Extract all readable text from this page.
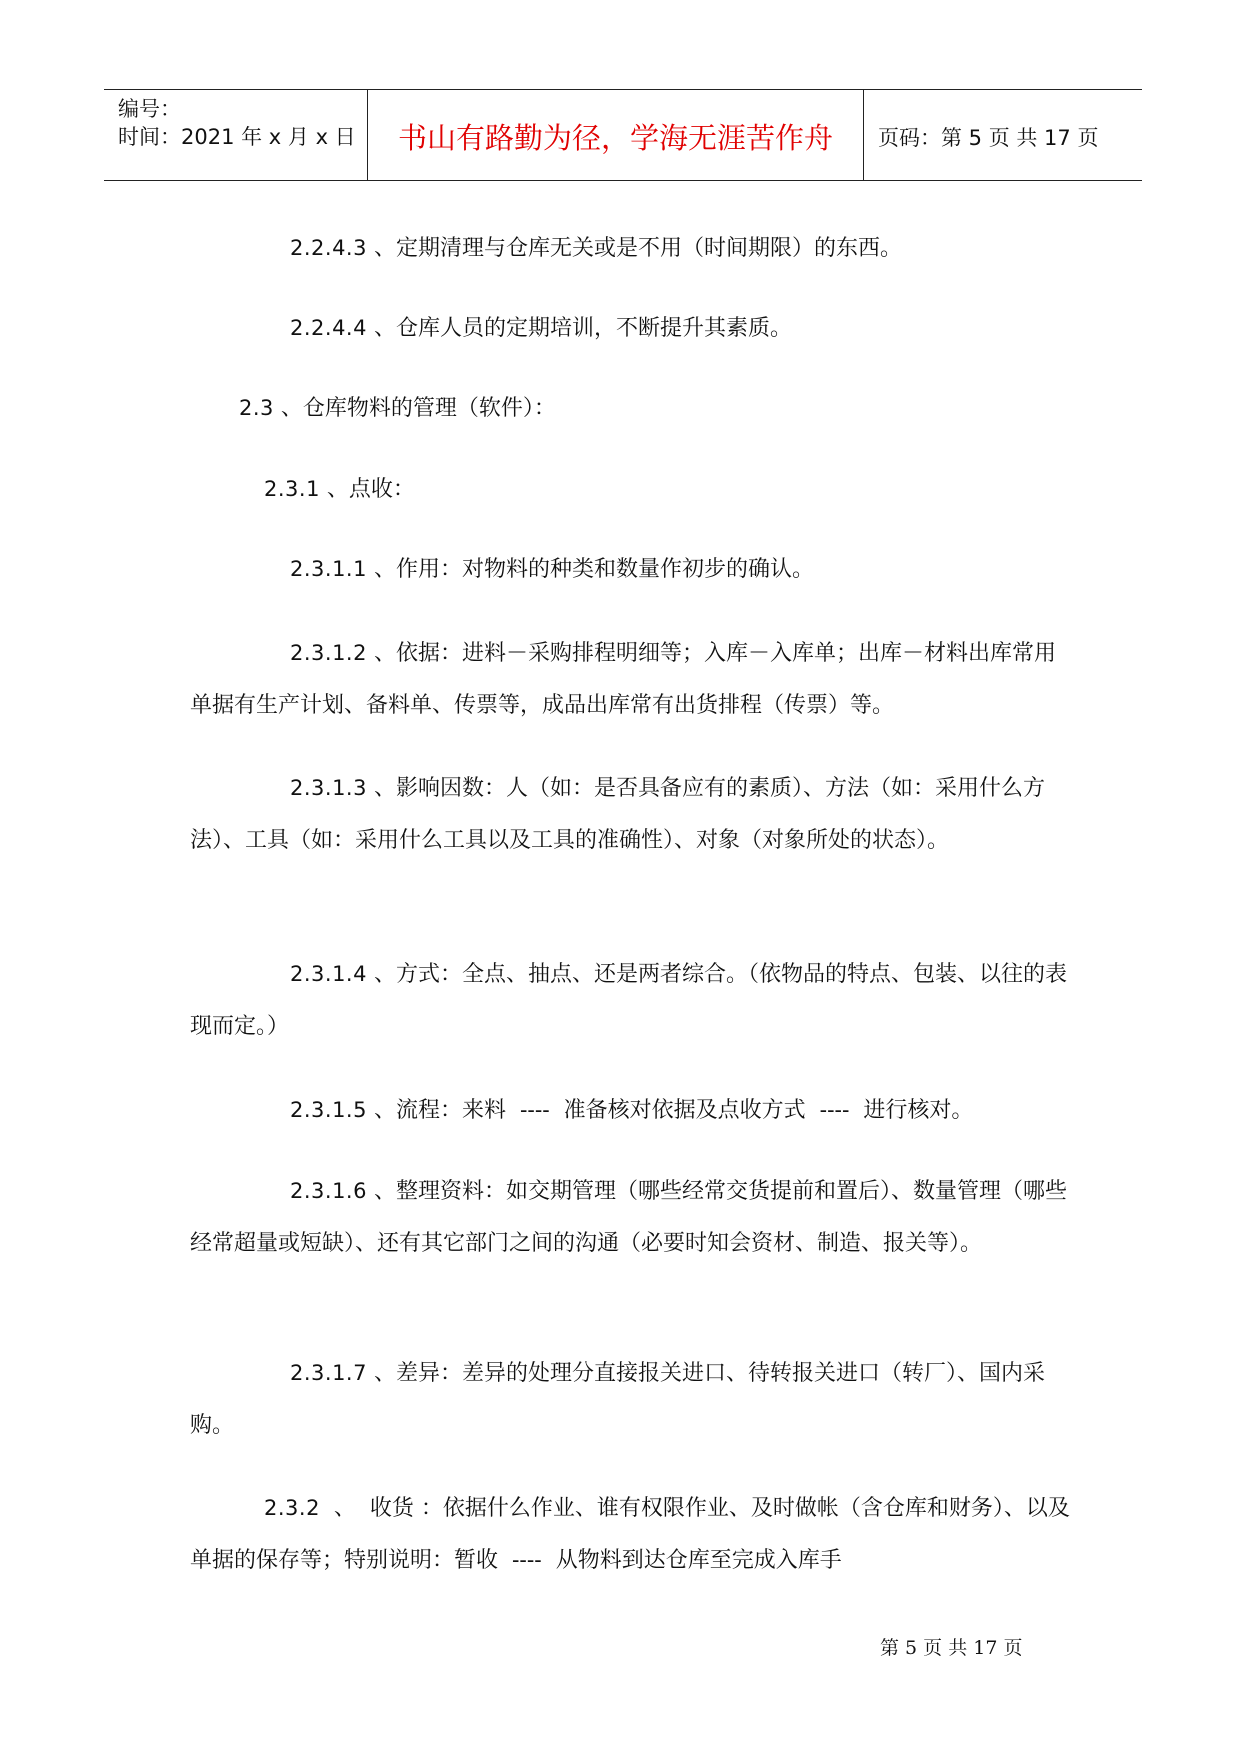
编号：
时间：2021 年 x 月 x 日	书山有路勤为径，学海无涯苦作舟	页码：第 5 页 共 17 页

2.2.4.3 、定期清理与仓库无关或是不用（时间期限）的东西。

2.2.4.4 、仓库人员的定期培训，不断提升其素质。

2.3 、仓库物料的管理（软件）：

2.3.1 、点收：

2.3.1.1 、作用：对物料的种类和数量作初步的确认。

2.3.1.2 、依据：进料－采购排程明细等；入库－入库单；出库－材料出库常用单据有生产计划、备料单、传票等，成品出库常有出货排程（传票）等。

2.3.1.3 、影响因数：人（如：是否具备应有的素质）、方法（如：采用什么方法）、工具（如：采用什么工具以及工具的准确性）、对象（对象所处的状态）。

2.3.1.4 、方式：全点、抽点、还是两者综合。（依物品的特点、包装、以往的表现而定。）

2.3.1.5 、流程：来料  ----  准备核对依据及点收方式  ----  进行核对。

2.3.1.6 、整理资料：如交期管理（哪些经常交货提前和置后）、数量管理（哪些经常超量或短缺）、还有其它部门之间的沟通（必要时知会资材、制造、报关等）。

2.3.1.7 、差异：差异的处理分直接报关进口、待转报关进口（转厂）、国内采购。

2.3.2  、  收货 ：依据什么作业、谁有权限作业、及时做帐（含仓库和财务）、以及单据的保存等；特别说明：暂收  ----  从物料到达仓库至完成入库手

第 5 页 共 17 页
